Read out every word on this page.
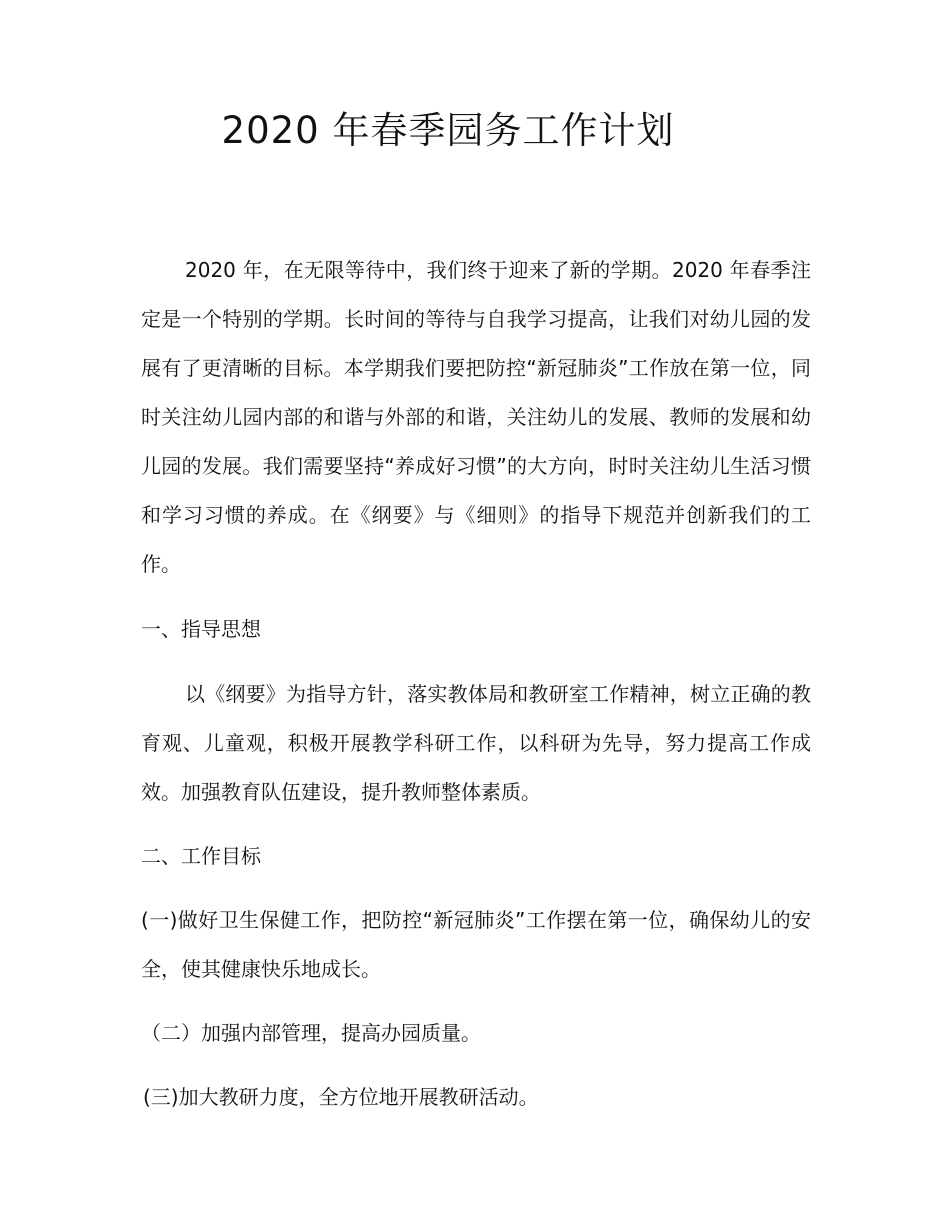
2020 年春季园务工作计划

2020 年，在无限等待中，我们终于迎来了新的学期。2020 年春季注定是一个特别的学期。长时间的等待与自我学习提高，让我们对幼儿园的发展有了更清晰的目标。本学期我们要把防控“新冠肺炎”工作放在第一位，同时关注幼儿园内部的和谐与外部的和谐，关注幼儿的发展、教师的发展和幼儿园的发展。我们需要坚持“养成好习惯”的大方向，时时关注幼儿生活习惯和学习习惯的养成。在《纲要》与《细则》的指导下规范并创新我们的工作。

一、指导思想

以《纲要》为指导方针，落实教体局和教研室工作精神，树立正确的教育观、儿童观，积极开展教学科研工作，以科研为先导，努力提高工作成效。加强教育队伍建设，提升教师整体素质。

二、工作目标

(一)做好卫生保健工作，把防控“新冠肺炎”工作摆在第一位，确保幼儿的安全，使其健康快乐地成长。

（二）加强内部管理，提高办园质量。

(三)加大教研力度，全方位地开展教研活动。
